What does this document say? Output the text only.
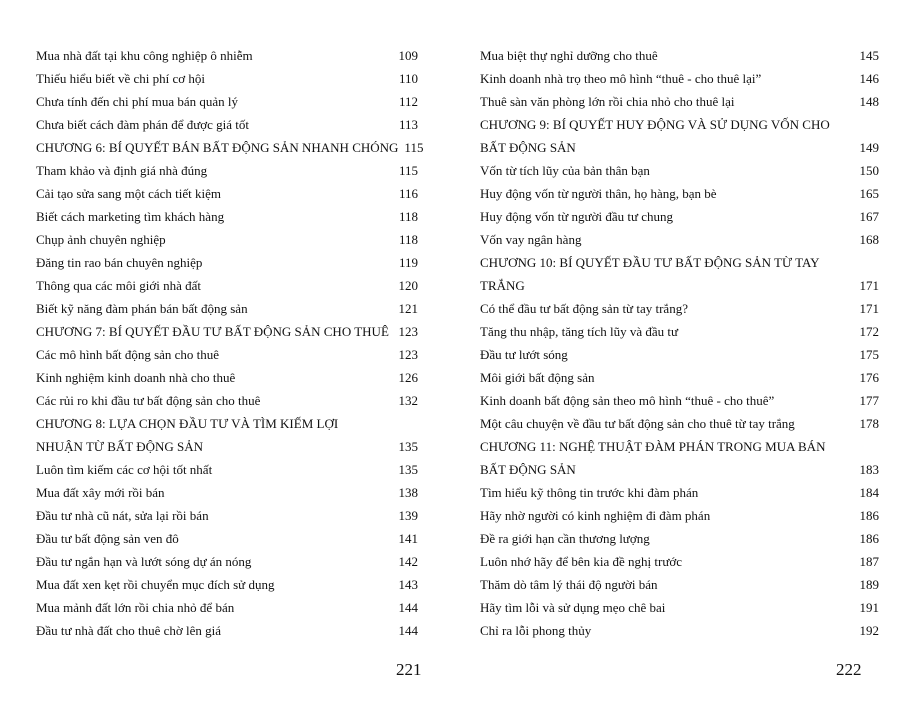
Mua nhà đất tại khu công nghiệp ô nhiễm	109
Thiếu hiểu biết về chi phí cơ hội	110
Chưa tính đến chi phí mua bán quản lý	112
Chưa biết cách đàm phán để được giá tốt	113
CHƯƠNG 6: BÍ QUYẾT BÁN BẤT ĐỘNG SẢN NHANH CHÓNG 115
Tham khảo và định giá nhà đúng	115
Cải tạo sửa sang một cách tiết kiệm	116
Biết cách marketing tìm khách hàng	118
Chụp ảnh chuyên nghiệp	118
Đăng tin rao bán chuyên nghiệp	119
Thông qua các môi giới nhà đất	120
Biết kỹ năng đàm phán bán bất động sản	121
CHƯƠNG 7: BÍ QUYẾT ĐẦU TƯ BẤT ĐỘNG SẢN CHO THUÊ 123
Các mô hình bất động sản cho thuê	123
Kinh nghiệm kinh doanh nhà cho thuê	126
Các rủi ro khi đầu tư bất động sản cho thuê	132
CHƯƠNG 8: LỰA CHỌN ĐẦU TƯ VÀ TÌM KIẾM LỢI NHUẬN TỪ BẤT ĐỘNG SẢN	135
Luôn tìm kiếm các cơ hội tốt nhất	135
Mua đất xây mới rồi bán	138
Đầu tư nhà cũ nát, sửa lại rồi bán	139
Đầu tư bất động sản ven đô	141
Đầu tư ngắn hạn và lướt sóng dự án nóng	142
Mua đất xen kẹt rồi chuyển mục đích sử dụng	143
Mua mảnh đất lớn rồi chia nhỏ để bán	144
Đầu tư nhà đất cho thuê chờ lên giá	144
221
Mua biệt thự nghỉ dưỡng cho thuê	145
Kinh doanh nhà trọ theo mô hình “thuê - cho thuê lại”	146
Thuê sàn văn phòng lớn rồi chia nhỏ cho thuê lại	148
CHƯƠNG 9: BÍ QUYẾT HUY ĐỘNG VÀ SỬ DỤNG VỐN CHO BẤT ĐỘNG SẢN	149
Vốn từ tích lũy của bản thân bạn	150
Huy động vốn từ người thân, họ hàng, bạn bè	165
Huy động vốn từ người đầu tư chung	167
Vốn vay ngân hàng	168
CHƯƠNG 10: BÍ QUYẾT ĐẦU TƯ BẤT ĐỘNG SẢN TỪ TAY TRẮNG	171
Có thể đầu tư bất động sản từ tay trắng?	171
Tăng thu nhập, tăng tích lũy và đầu tư	172
Đầu tư lướt sóng	175
Môi giới bất động sản	176
Kinh doanh bất động sản theo mô hình “thuê - cho thuê”	177
Một câu chuyện về đầu tư bất động sản cho thuê từ tay trắng	178
CHƯƠNG 11: NGHỆ THUẬT ĐÀM PHÁN TRONG MUA BÁN BẤT ĐỘNG SẢN	183
Tìm hiểu kỹ thông tin trước khi đàm phán	184
Hãy nhờ người có kinh nghiệm đi đàm phán	186
Đề ra giới hạn cần thương lượng	186
Luôn nhớ hãy để bên kia đề nghị trước	187
Thăm dò tâm lý thái độ người bán	189
Hãy tìm lỗi và sử dụng mẹo chê bai	191
Chỉ ra lỗi phong thủy	192
222
